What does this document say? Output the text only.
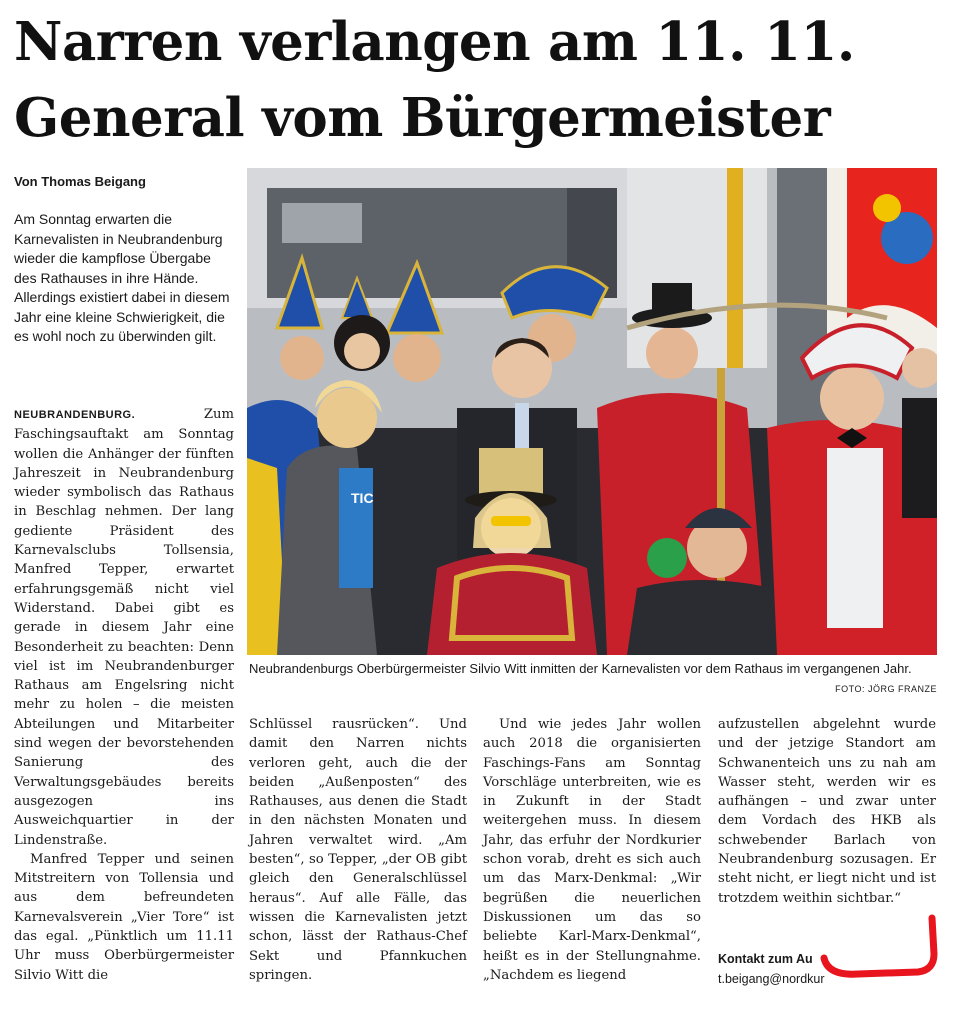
Narren verlangen am 11. 11.
General vom Bürgermeister
Von Thomas Beigang

Am Sonntag erwarten die Karnevalisten in Neubrandenburg wieder die kampflose Übergabe des Rathauses in ihre Hände. Allerdings existiert dabei in diesem Jahr eine kleine Schwierigkeit, die es wohl noch zu überwinden gilt.

NEUBRANDENBURG.	Zum Faschingsauftakt am Sonntag wollen die Anhänger der fünften Jahreszeit in Neubrandenburg wieder symbolisch das Rathaus in Beschlag nehmen. Der lang gediente Präsident des Karnevalsclubs Tollsensia, Manfred Tepper, erwartet erfahrungsgemäß nicht viel Widerstand. Dabei gibt es gerade in diesem Jahr eine Besonderheit zu beachten: Denn viel ist im Neubrandenburger Rathaus am Engelsring nicht mehr zu holen – die meisten Abteilungen und Mitarbeiter sind wegen der bevorstehenden Sanierung des Verwaltungsgebäudes bereits ausgezogen ins Ausweichquartier in der Lindenstraße.

Manfred Tepper und seinen Mitstreitern von Tollensia und aus dem befreundeten Karnevalsverein „Vier Tore“ ist das egal. „Pünktlich um 11.11 Uhr muss Oberbürgermeister Silvio Witt die

TIC
Neubrandenburgs Oberbürgermeister Silvio Witt inmitten der Karnevalisten vor dem Rathaus im vergangenen Jahr.
FOTO: JÖRG FRANZE

Schlüssel rausrücken“. Und damit den Narren nichts verloren geht, auch die der beiden „Außenposten“ des Rathauses, aus denen die Stadt in den nächsten Monaten und Jahren verwaltet wird. „Am besten“, so Tepper, „der OB gibt gleich den Generalschlüssel heraus“. Auf alle Fälle, das wissen die Karnevalisten jetzt schon, lässt der Rathaus-Chef Sekt und Pfannkuchen springen.

Und wie jedes Jahr wollen auch 2018 die organisierten Faschings-Fans am Sonntag Vorschläge unterbreiten, wie es in Zukunft in der Stadt weitergehen muss. In diesem Jahr, das erfuhr der Nordkurier schon vorab, dreht es sich auch um das Marx-Denkmal: „Wir begrüßen die neuerlichen Diskussionen um das so beliebte Karl-Marx-Denkmal“, heißt es in der Stellungnahme. „Nachdem es liegend

aufzustellen abgelehnt wurde und der jetzige Standort am Schwanenteich uns zu nah am Wasser steht, werden wir es aufhängen – und zwar unter dem Vordach des HKB als schwebender Barlach von Neubrandenburg sozusagen. Er steht nicht, er liegt nicht und ist trotzdem weithin sichtbar.“

Kontakt zum Au
t.beigang@nordkur
